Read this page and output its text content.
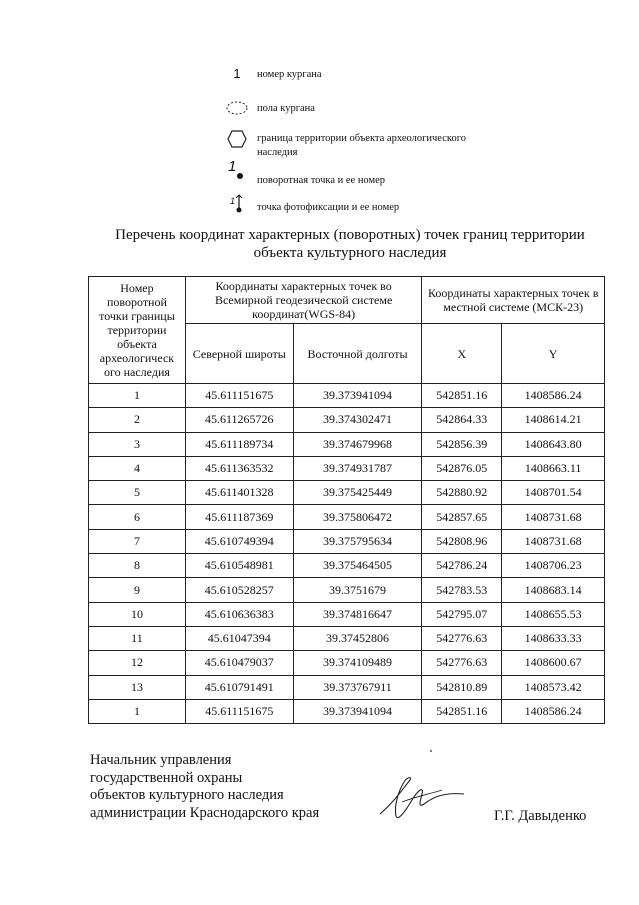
1	номер кургана
пола кургана
граница территории объекта археологического наследия
1
поворотная точка и ее номер
1
точка фотофиксации и ее номер
Перечень координат характерных (поворотных) точек границ территории объекта культурного наследия
Номер поворотной точки границы территории объекта археологическ ого наследия	Координаты характерных точек во Всемирной геодезической системе координат(WGS-84)		Координаты характерных точек в местной системе (МСК-23)	
	Северной широты	Восточной долготы	X	Y
1	45.611151675	39.373941094	542851.16	1408586.24
2	45.611265726	39.374302471	542864.33	1408614.21
3	45.611189734	39.374679968	542856.39	1408643.80
4	45.611363532	39.374931787	542876.05	1408663.11
5	45.611401328	39.375425449	542880.92	1408701.54
6	45.611187369	39.375806472	542857.65	1408731.68
7	45.610749394	39.375795634	542808.96	1408731.68
8	45.610548981	39.375464505	542786.24	1408706.23
9	45.610528257	39.3751679	542783.53	1408683.14
10	45.610636383	39.374816647	542795.07	1408655.53
11	45.61047394	39.37452806	542776.63	1408633.33
12	45.610479037	39.374109489	542776.63	1408600.67
13	45.610791491	39.373767911	542810.89	1408573.42
1	45.611151675	39.373941094	542851.16	1408586.24
Начальник управления
государственной охраны
объектов культурного наследия
администрации Краснодарского края	Г.Г. Давыденко
